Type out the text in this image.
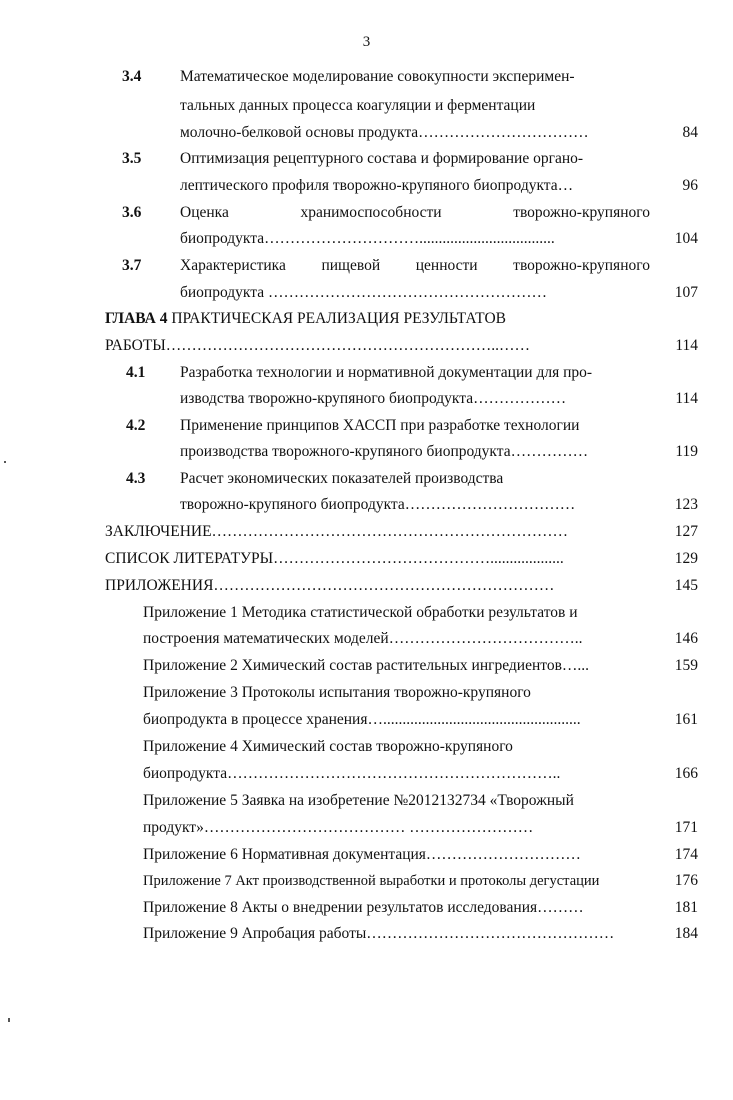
3
3.4 Математическое моделирование совокупности эксперимен-
тальных данных процесса коагуляции и ферментации
молочно-белковой основы продукта……………………………	84
3.5 Оптимизация рецептурного состава и формирование органо-
лептического профиля творожно-крупяного биопродукта…	96
3.6 Оценка	хранимоспособности	творожно-крупяного
биопродукта…………………………...................................	104
3.7 Характеристика пищевой ценности творожно-крупяного
биопродукта ………………………………………………	107
ГЛАВА 4 ПРАКТИЧЕСКАЯ РЕАЛИЗАЦИЯ РЕЗУЛЬТАТОВ
РАБОТЫ………………………………………………………..……	114
4.1 Разработка технологии и нормативной документации для про-
изводства творожно-крупяного биопродукта………………	114
4.2 Применение принципов ХАССП при разработке технологии
производства творожного-крупяного биопродукта……………	119
4.3 Расчет экономических показателей производства
творожно-крупяного биопродукта……………………………	123
ЗАКЛЮЧЕНИЕ……………………………………………………………	127
СПИСОК ЛИТЕРАТУРЫ……………………………………...................	129
ПРИЛОЖЕНИЯ…………………………………………………………	145
Приложение 1 Методика статистической обработки результатов и
построения математических моделей………………………………..	146
Приложение 2 Химический состав растительных ингредиентов…...	159
Приложение 3 Протоколы испытания творожно-крупяного
биопродукта в процессе хранения…...................................................	161
Приложение 4 Химический состав творожно-крупяного
биопродукта………………………………………………………..	166
Приложение 5 Заявка на изобретение №2012132734 «Творожный
продукт»………………………………… ……………………	171
Приложение 6 Нормативная документация…………………………	174
Приложение 7 Акт производственной выработки и протоколы дегустации	176
Приложение 8 Акты о внедрении результатов исследования………	181
Приложение 9 Апробация работы…………………………………………	184
